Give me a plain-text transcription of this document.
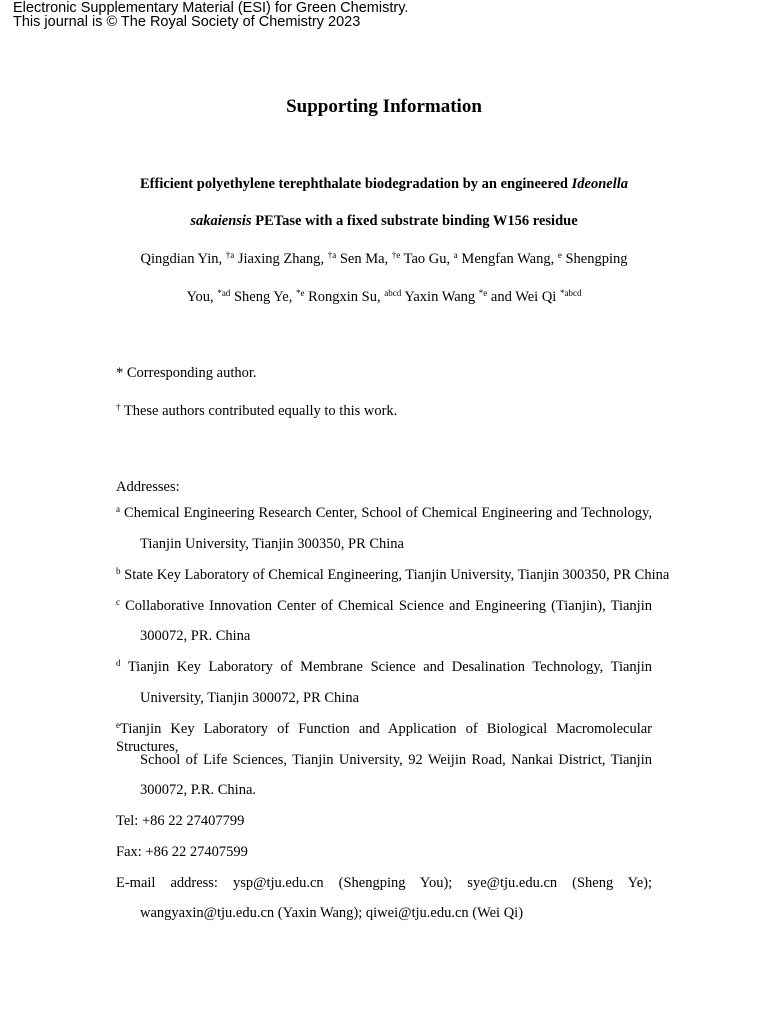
Electronic Supplementary Material (ESI) for Green Chemistry.
This journal is © The Royal Society of Chemistry 2023
Supporting Information
Efficient polyethylene terephthalate biodegradation by an engineered Ideonella
sakaiensis PETase with a fixed substrate binding W156 residue
Qingdian Yin, $^{\dagger a}$ Jiaxing Zhang, $^{\dagger a}$ Sen Ma, $^{\dagger e}$ Tao Gu, $^a$ Mengfan Wang, $^e$ Shengping
You, $^{*ad}$ Sheng Ye, $^{*e}$ Rongxin Su, $^{abcd}$ Yaxin Wang $^{*e}$ and Wei Qi $^{*abcd}$
* Corresponding author.
† These authors contributed equally to this work.
Addresses:
$^a$ Chemical Engineering Research Center, School of Chemical Engineering and Technology,
Tianjin University, Tianjin 300350, PR China
$^b$ State Key Laboratory of Chemical Engineering, Tianjin University, Tianjin 300350, PR China
$^c$ Collaborative Innovation Center of Chemical Science and Engineering (Tianjin), Tianjin
300072, PR. China
$^d$ Tianjin Key Laboratory of Membrane Science and Desalination Technology, Tianjin
University, Tianjin 300072, PR China
$^e$Tianjin Key Laboratory of Function and Application of Biological Macromolecular Structures,
School of Life Sciences, Tianjin University, 92 Weijin Road, Nankai District, Tianjin
300072, P.R. China.
Tel: +86 22 27407799
Fax: +86 22 27407599
E-mail address: ysp@tju.edu.cn (Shengping You); sye@tju.edu.cn (Sheng Ye);
wangyaxin@tju.edu.cn (Yaxin Wang); qiwei@tju.edu.cn (Wei Qi)
